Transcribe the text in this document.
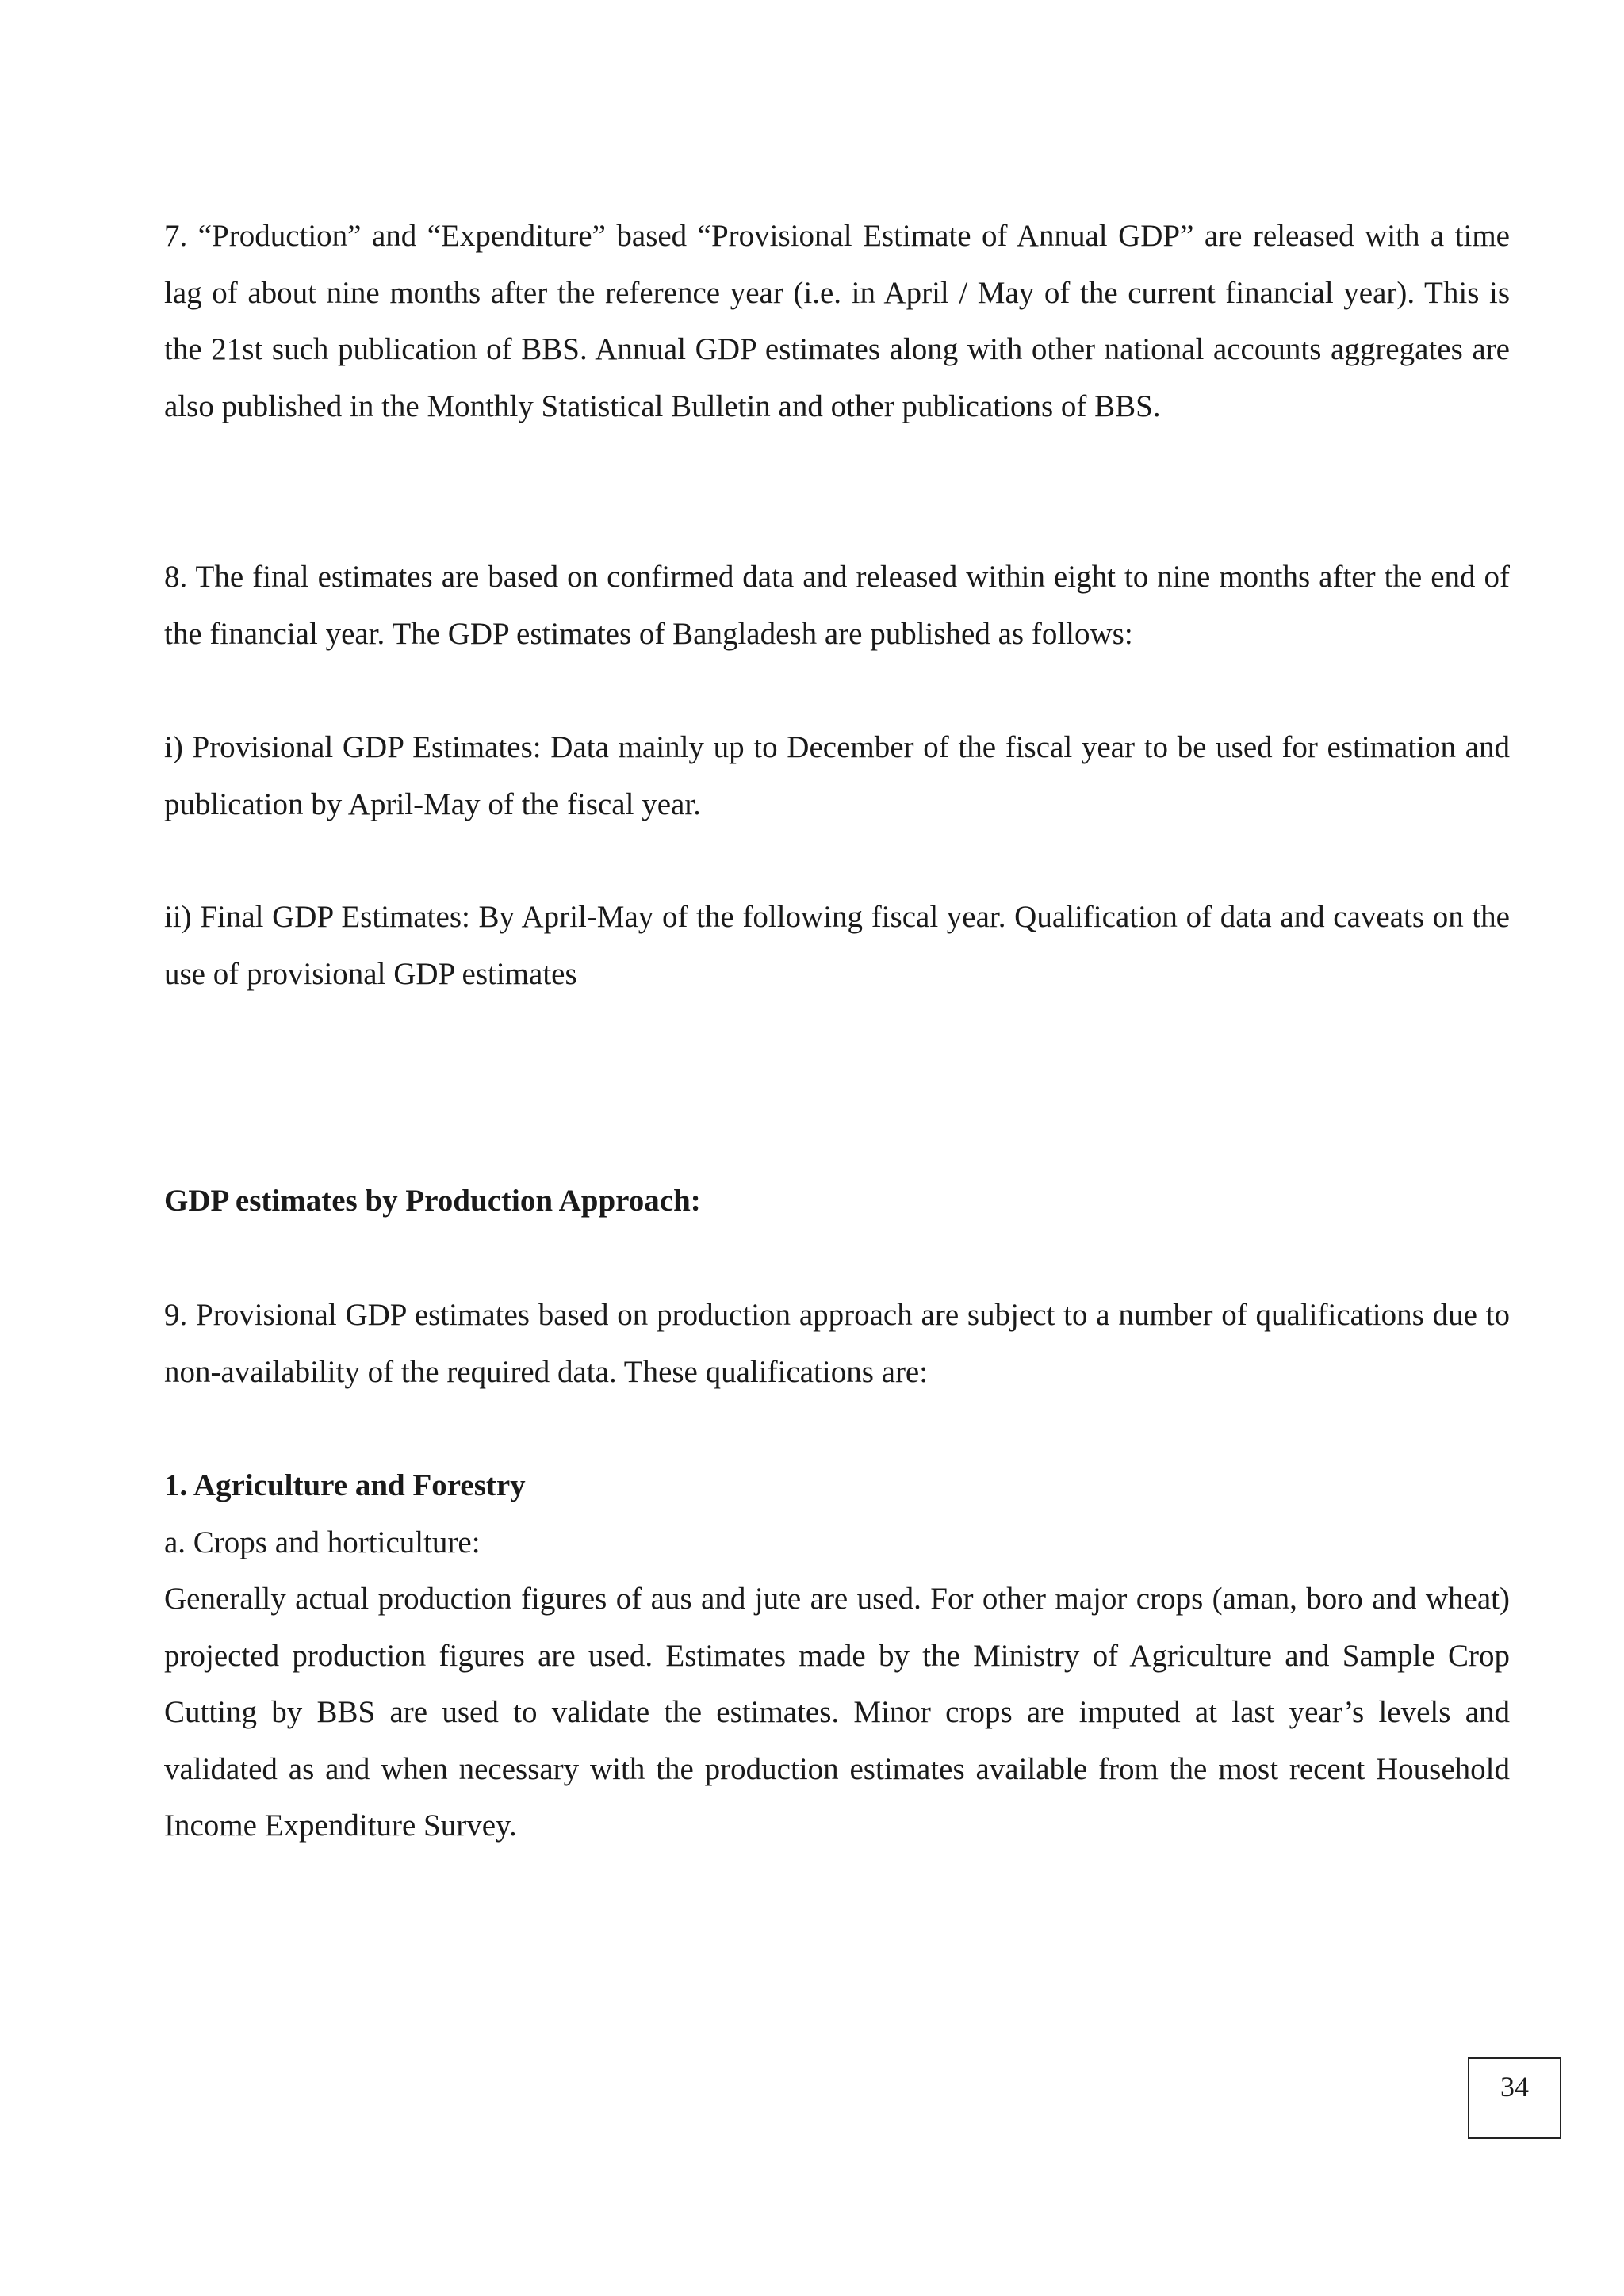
7. “Production” and “Expenditure” based “Provisional Estimate of Annual GDP” are released with a time lag of about nine months after the reference year (i.e. in April / May of the current financial year). This is the 21st such publication of BBS. Annual GDP estimates along with other national accounts aggregates are also published in the Monthly Statistical Bulletin and other publications of BBS.

8. The final estimates are based on confirmed data and released within eight to nine months after the end of the financial year. The GDP estimates of Bangladesh are published as follows:

i) Provisional GDP Estimates: Data mainly up to December of the fiscal year to be used for estimation and publication by April-May of the fiscal year.

ii) Final GDP Estimates: By April-May of the following fiscal year. Qualification of data and caveats on the use of provisional GDP estimates

GDP estimates by Production Approach:

9. Provisional GDP estimates based on production approach are subject to a number of qualifications due to non-availability of the required data. These qualifications are:

1. Agriculture and Forestry

a. Crops and horticulture:

Generally actual production figures of aus and jute are used. For other major crops (aman, boro and wheat) projected production figures are used. Estimates made by the Ministry of Agriculture and Sample Crop Cutting by BBS are used to validate the estimates. Minor crops are imputed at last year’s levels and validated as and when necessary with the production estimates available from the most recent Household Income Expenditure Survey.

34
